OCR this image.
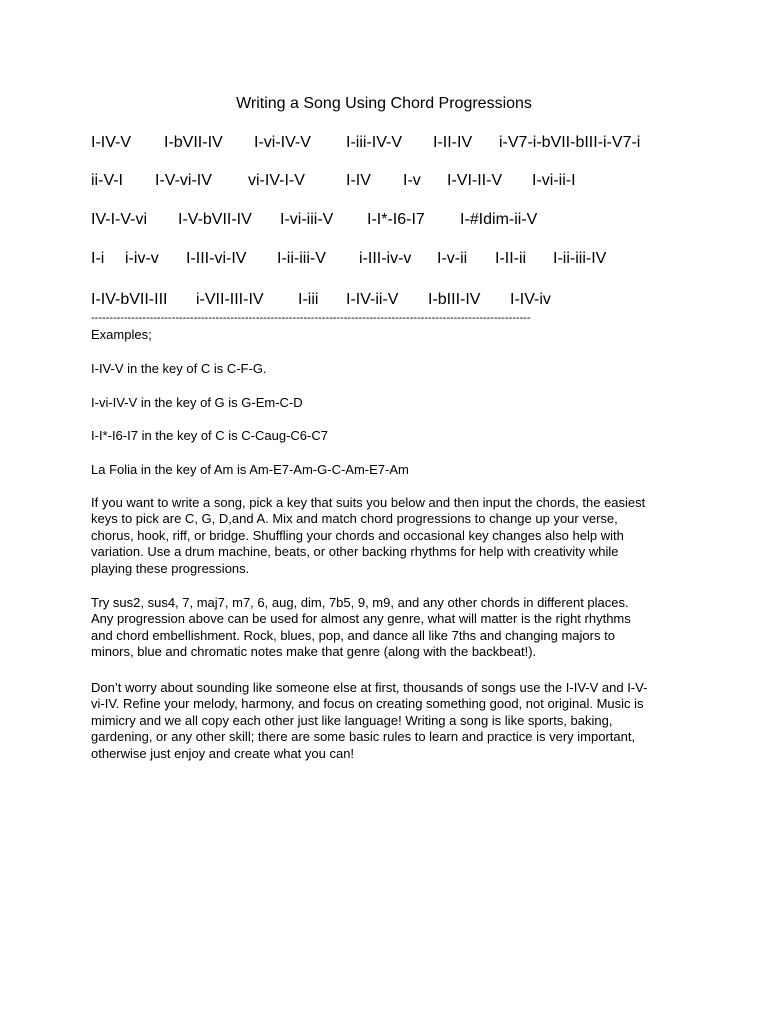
Writing a Song Using Chord Progressions
I-IV-V I-bVII-IV I-vi-IV-V I-iii-IV-V I-II-IV i-V7-i-bVII-bIII-i-V7-i
ii-V-I I-V-vi-IV vi-IV-I-V	I-IV I-v I-VI-II-V I-vi-ii-I
IV-I-V-vi I-V-bVII-IV I-vi-iii-V I-I*-I6-I7 I-#Idim-ii-V
I-i i-iv-v I-III-vi-IV I-ii-iii-V i-III-iv-v I-v-ii I-II-ii I-ii-iii-IV
I-IV-bVII-III i-VII-III-IV I-iii I-IV-ii-V I-bIII-IV I-IV-iv
------------------------------------------------------------------------------------------------------------------------
Examples;
I-IV-V in the key of C is C-F-G.
I-vi-IV-V in the key of G is G-Em-C-D
I-I*-I6-I7 in the key of C is C-Caug-C6-C7
La Folia in the key of Am is Am-E7-Am-G-C-Am-E7-Am

If you want to write a song, pick a key that suits you below and then input the chords, the easiest keys to pick are C, G, D,and A. Mix and match chord progressions to change up your verse, chorus, hook, riff, or bridge. Shuffling your chords and occasional key changes also help with variation. Use a drum machine, beats, or other backing rhythms for help with creativity while playing these progressions.

Try sus2, sus4, 7, maj7, m7, 6, aug, dim, 7b5, 9, m9, and any other chords in different places. Any progression above can be used for almost any genre, what will matter is the right rhythms and chord embellishment. Rock, blues, pop, and dance all like 7ths and changing majors to minors, blue and chromatic notes make that genre (along with the backbeat!).

Don’t worry about sounding like someone else at first, thousands of songs use the I-IV-V and I-V-vi-IV. Refine your melody, harmony, and focus on creating something good, not original. Music is mimicry and we all copy each other just like language! Writing a song is like sports, baking, gardening, or any other skill; there are some basic rules to learn and practice is very important, otherwise just enjoy and create what you can!
